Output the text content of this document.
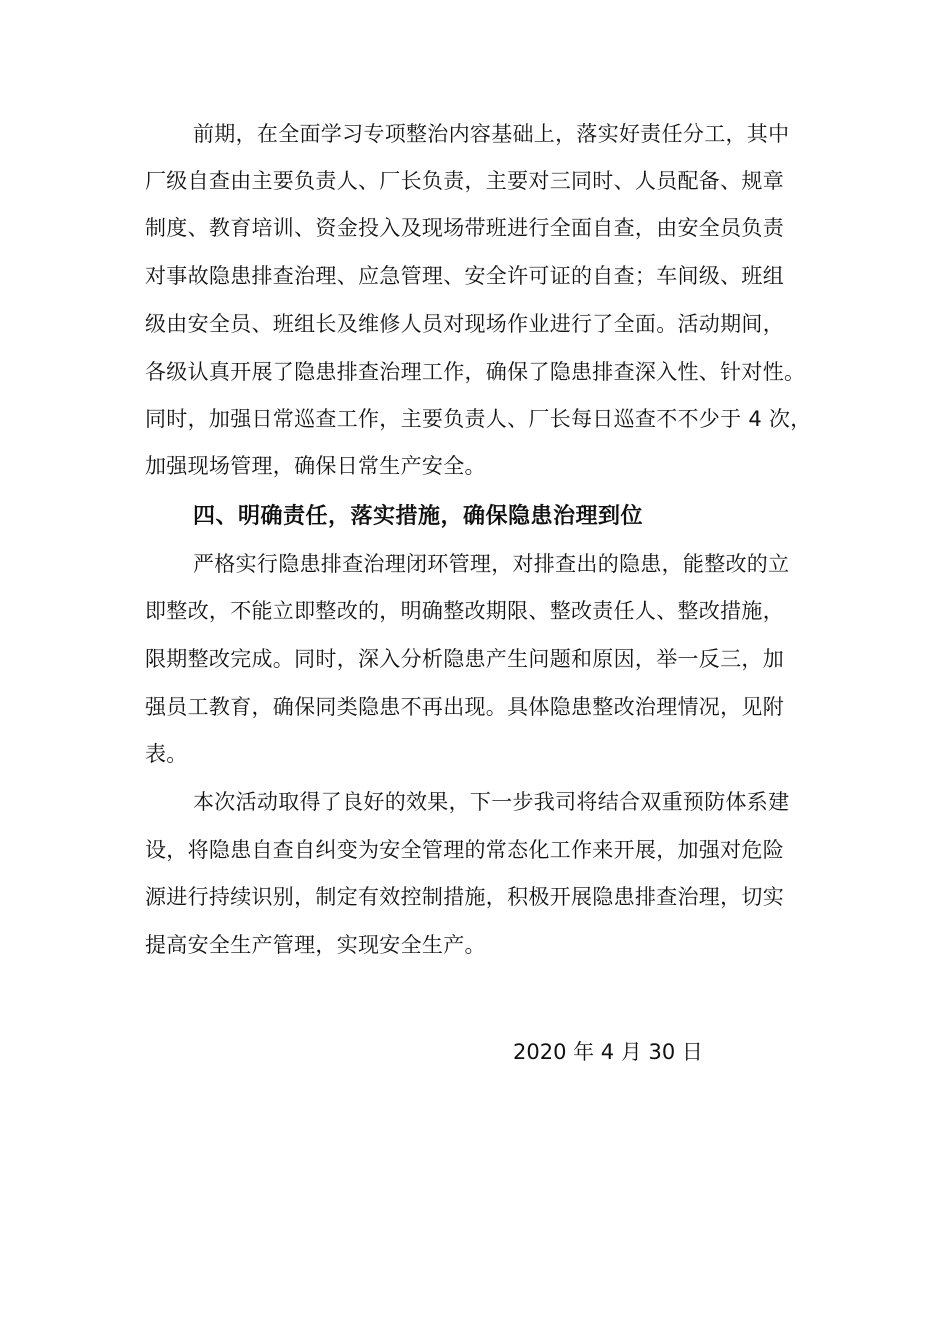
前期，在全面学习专项整治内容基础上，落实好责任分工，其中
厂级自查由主要负责人、厂长负责，主要对三同时、人员配备、规章
制度、教育培训、资金投入及现场带班进行全面自查，由安全员负责
对事故隐患排查治理、应急管理、安全许可证的自查；车间级、班组
级由安全员、班组长及维修人员对现场作业进行了全面。活动期间，
各级认真开展了隐患排查治理工作，确保了隐患排查深入性、针对性。
同时，加强日常巡查工作，主要负责人、厂长每日巡查不不少于 4 次，
加强现场管理，确保日常生产安全。
四、明确责任，落实措施，确保隐患治理到位
严格实行隐患排查治理闭环管理，对排查出的隐患，能整改的立
即整改，不能立即整改的，明确整改期限、整改责任人、整改措施，
限期整改完成。同时，深入分析隐患产生问题和原因，举一反三，加
强员工教育，确保同类隐患不再出现。具体隐患整改治理情况，见附
表。
本次活动取得了良好的效果，下一步我司将结合双重预防体系建
设，将隐患自查自纠变为安全管理的常态化工作来开展，加强对危险
源进行持续识别，制定有效控制措施，积极开展隐患排查治理，切实
提高安全生产管理，实现安全生产。
2020 年 4 月 30 日
